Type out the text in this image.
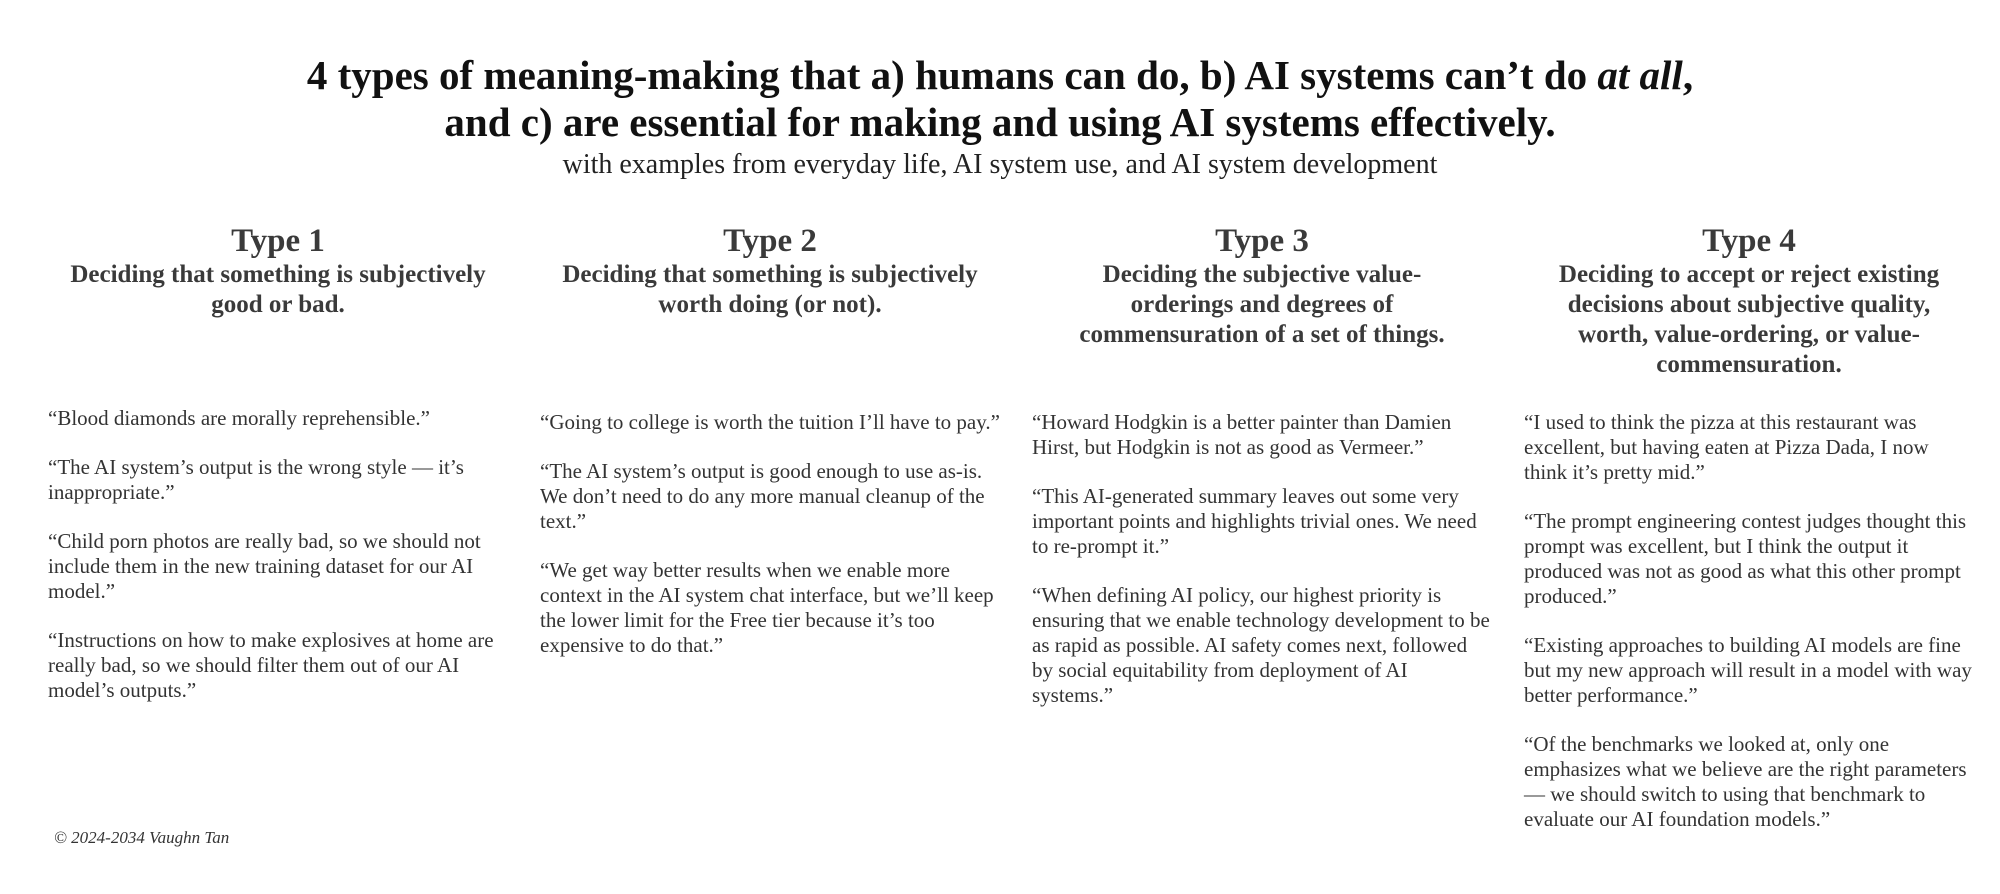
4 types of meaning-making that a) humans can do, b) AI systems can’t do at all,
and c) are essential for making and using AI systems effectively.

with examples from everyday life, AI system use, and AI system development

Type 1
Deciding that something is subjectively good or bad.
“Blood diamonds are morally reprehensible.”
“The AI system’s output is the wrong style — it’s inappropriate.”
“Child porn photos are really bad, so we should not include them in the new training dataset for our AI model.”
“Instructions on how to make explosives at home are really bad, so we should filter them out of our AI model’s outputs.”
Type 2
Deciding that something is subjectively worth doing (or not).
“Going to college is worth the tuition I’ll have to pay.”
“The AI system’s output is good enough to use as-is. We don’t need to do any more manual cleanup of the text.”
“We get way better results when we enable more context in the AI system chat interface, but we’ll keep the lower limit for the Free tier because it’s too expensive to do that.”
Type 3
Deciding the subjective value-orderings and degrees of commensuration of a set of things.
“Howard Hodgkin is a better painter than Damien Hirst, but Hodgkin is not as good as Vermeer.”
“This AI-generated summary leaves out some very important points and highlights trivial ones. We need to re-prompt it.”
“When defining AI policy, our highest priority is ensuring that we enable technology development to be as rapid as possible. AI safety comes next, followed by social equitability from deployment of AI systems.”
Type 4
Deciding to accept or reject existing decisions about subjective quality, worth, value-ordering, or value-commensuration.
“I used to think the pizza at this restaurant was excellent, but having eaten at Pizza Dada, I now think it’s pretty mid.”
“The prompt engineering contest judges thought this prompt was excellent, but I think the output it produced was not as good as what this other prompt produced.”
“Existing approaches to building AI models are fine but my new approach will result in a model with way better performance.”
“Of the benchmarks we looked at, only one emphasizes what we believe are the right parameters — we should switch to using that benchmark to evaluate our AI foundation models.”
© 2024-2034 Vaughn Tan
